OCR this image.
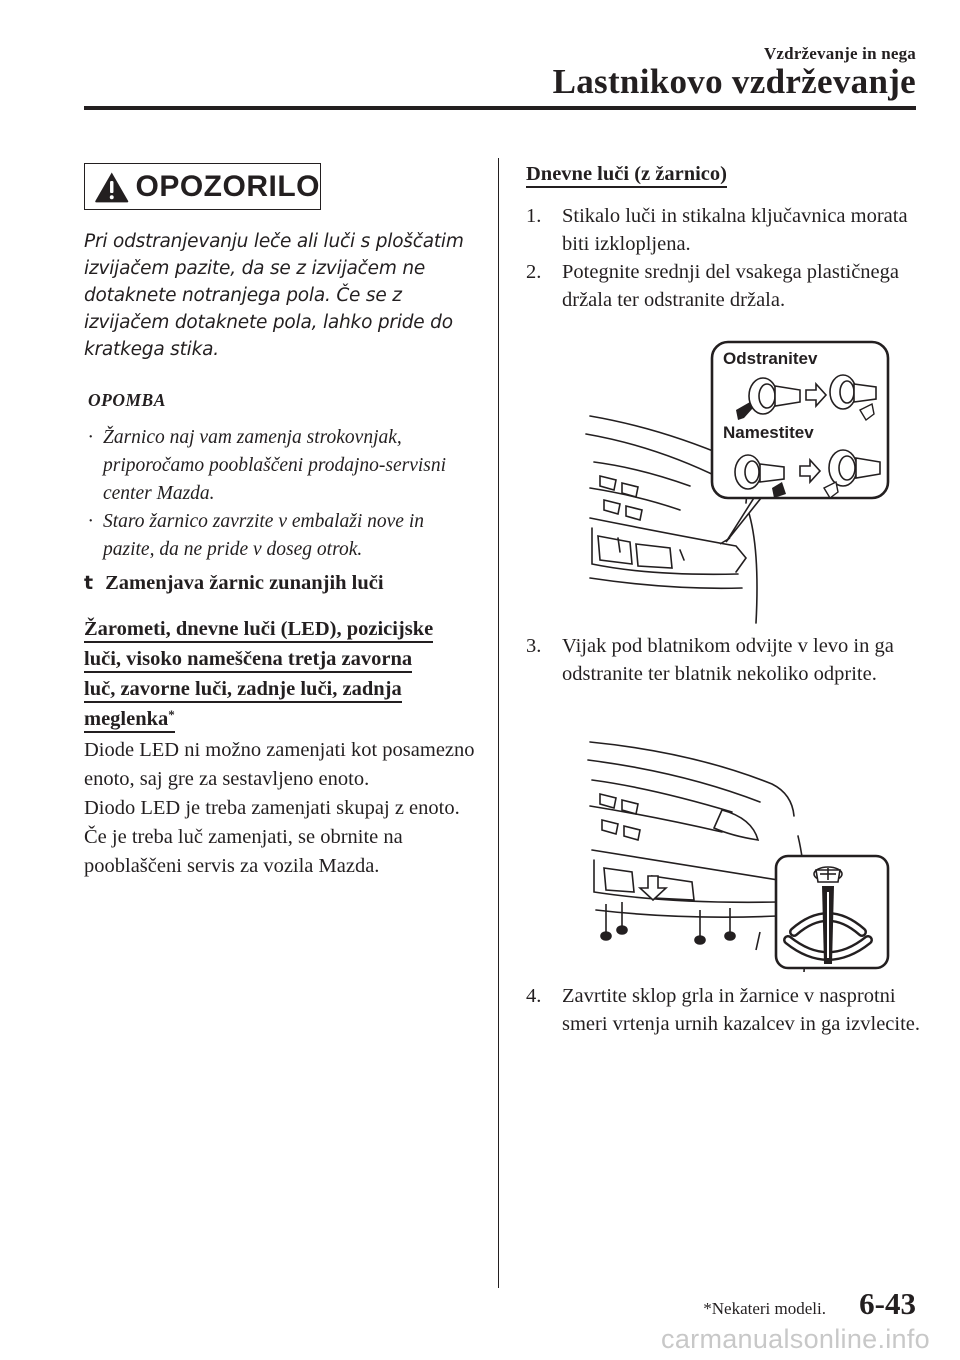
Vzdrževanje in nega
Lastnikovo vzdrževanje
OPOZORILO
Pri odstranjevanju leče ali luči s ploščatim izvijačem pazite, da se z izvijačem ne dotaknete notranjega pola. Če se z izvijačem dotaknete pola, lahko pride do kratkega stika.
OPOMBA
· Žarnico naj vam zamenja strokovnjak, priporočamo pooblaščeni prodajno-servisni center Mazda.
· Staro žarnico zavrzite v embalaži nove in pazite, da ne pride v doseg otrok.
t Zamenjava žarnic zunanjih luči
Žarometi, dnevne luči (LED), pozicijske
luči, visoko nameščena tretja zavorna
luč, zavorne luči, zadnje luči, zadnja
meglenka*
Diode LED ni možno zamenjati kot posamezno enoto, saj gre za sestavljeno enoto.
Diodo LED je treba zamenjati skupaj z enoto. Če je treba luč zamenjati, se obrnite na pooblaščeni servis za vozila Mazda.
Dnevne luči (z žarnico)
1.	Stikalo luči in stikalna ključavnica morata biti izklopljena.
2.	Potegnite srednji del vsakega plastičnega držala ter odstranite držala.
Odstranitev
Namestitev
3.	Vijak pod blatnikom odvijte v levo in ga odstranite ter blatnik nekoliko odprite.
4.	Zavrtite sklop grla in žarnice v nasprotni smeri vrtenja urnih kazalcev in ga izvlecite.
*Nekateri modeli. 6-43
carmanualsonline.info
